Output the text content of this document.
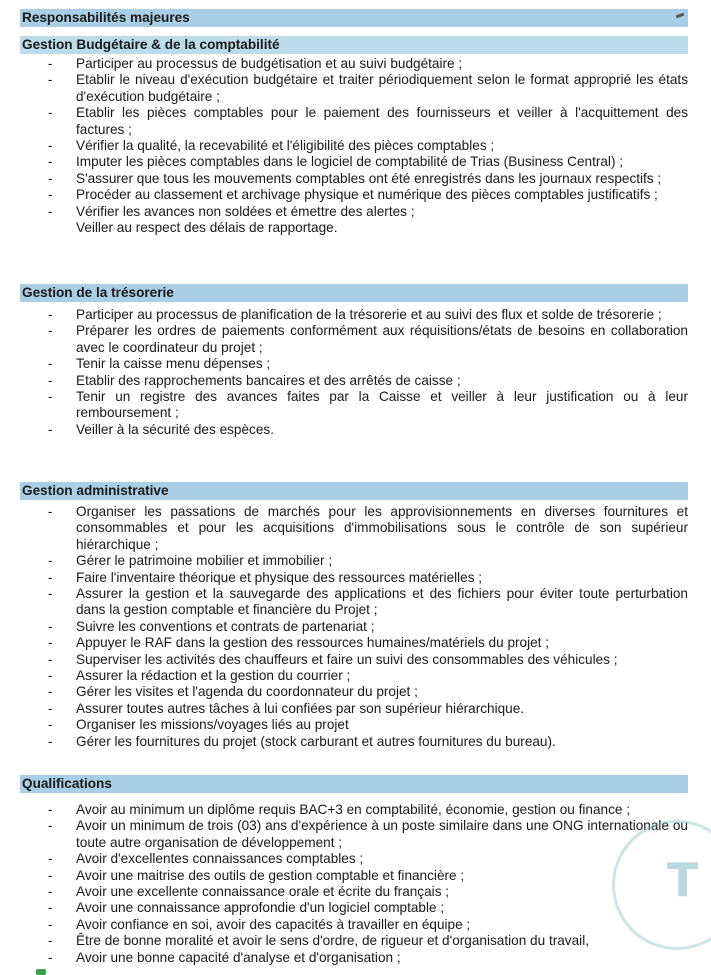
Responsabilités majeures
Gestion Budgétaire & de la comptabilité
- Participer au processus de budgétisation et au suivi budgétaire ;
- Etablir le niveau d'exécution budgétaire et traiter périodiquement selon le format approprié les états d'exécution budgétaire ;
- Etablir les pièces comptables pour le paiement des fournisseurs et veiller à l'acquittement des factures ;
- Vérifier la qualité, la recevabilité et l'éligibilité des pièces comptables ;
- Imputer les pièces comptables dans le logiciel de comptabilité de Trias (Business Central) ;
- S'assurer que tous les mouvements comptables ont été enregistrés dans les journaux respectifs ;
- Procéder au classement et archivage physique et numérique des pièces comptables justificatifs ;
- Vérifier les avances non soldées et émettre des alertes ;
Veiller au respect des délais de rapportage.
Gestion de la trésorerie
- Participer au processus de planification de la trésorerie et au suivi des flux et solde de trésorerie ;
- Préparer les ordres de paiements conformément aux réquisitions/états de besoins en collaboration avec le coordinateur du projet ;
- Tenir la caisse menu dépenses ;
- Etablir des rapprochements bancaires et des arrêtés de caisse ;
- Tenir un registre des avances faites par la Caisse et veiller à leur justification ou à leur remboursement ;
- Veiller à la sécurité des espèces.
Gestion administrative
- Organiser les passations de marchés pour les approvisionnements en diverses fournitures et consommables et pour les acquisitions d'immobilisations sous le contrôle de son supérieur hiérarchique ;
- Gérer le patrimoine mobilier et immobilier ;
- Faire l'inventaire théorique et physique des ressources matérielles ;
- Assurer la gestion et la sauvegarde des applications et des fichiers pour éviter toute perturbation dans la gestion comptable et financière du Projet ;
- Suivre les conventions et contrats de partenariat ;
- Appuyer le RAF dans la gestion des ressources humaines/matériels du projet ;
- Superviser les activités des chauffeurs et faire un suivi des consommables des véhicules ;
- Assurer la rédaction et la gestion du courrier ;
- Gérer les visites et l'agenda du coordonnateur du projet ;
- Assurer toutes autres tâches à lui confiées par son supérieur hiérarchique.
- Organiser les missions/voyages liés au projet
- Gérer les fournitures du projet (stock carburant et autres fournitures du bureau).
Qualifications
- Avoir au minimum un diplôme requis BAC+3 en comptabilité, économie, gestion ou finance ;
- Avoir un minimum de trois (03) ans d'expérience à un poste similaire dans une ONG internationale ou toute autre organisation de développement ;
- Avoir d'excellentes connaissances comptables ;
- Avoir une maitrise des outils de gestion comptable et financière ;
- Avoir une excellente connaissance orale et écrite du français ;
- Avoir une connaissance approfondie d'un logiciel comptable ;
- Avoir confiance en soi, avoir des capacités à travailler en équipe ;
- Être de bonne moralité et avoir le sens d'ordre, de rigueur et d'organisation du travail,
- Avoir une bonne capacité d'analyse et d'organisation ;
T
